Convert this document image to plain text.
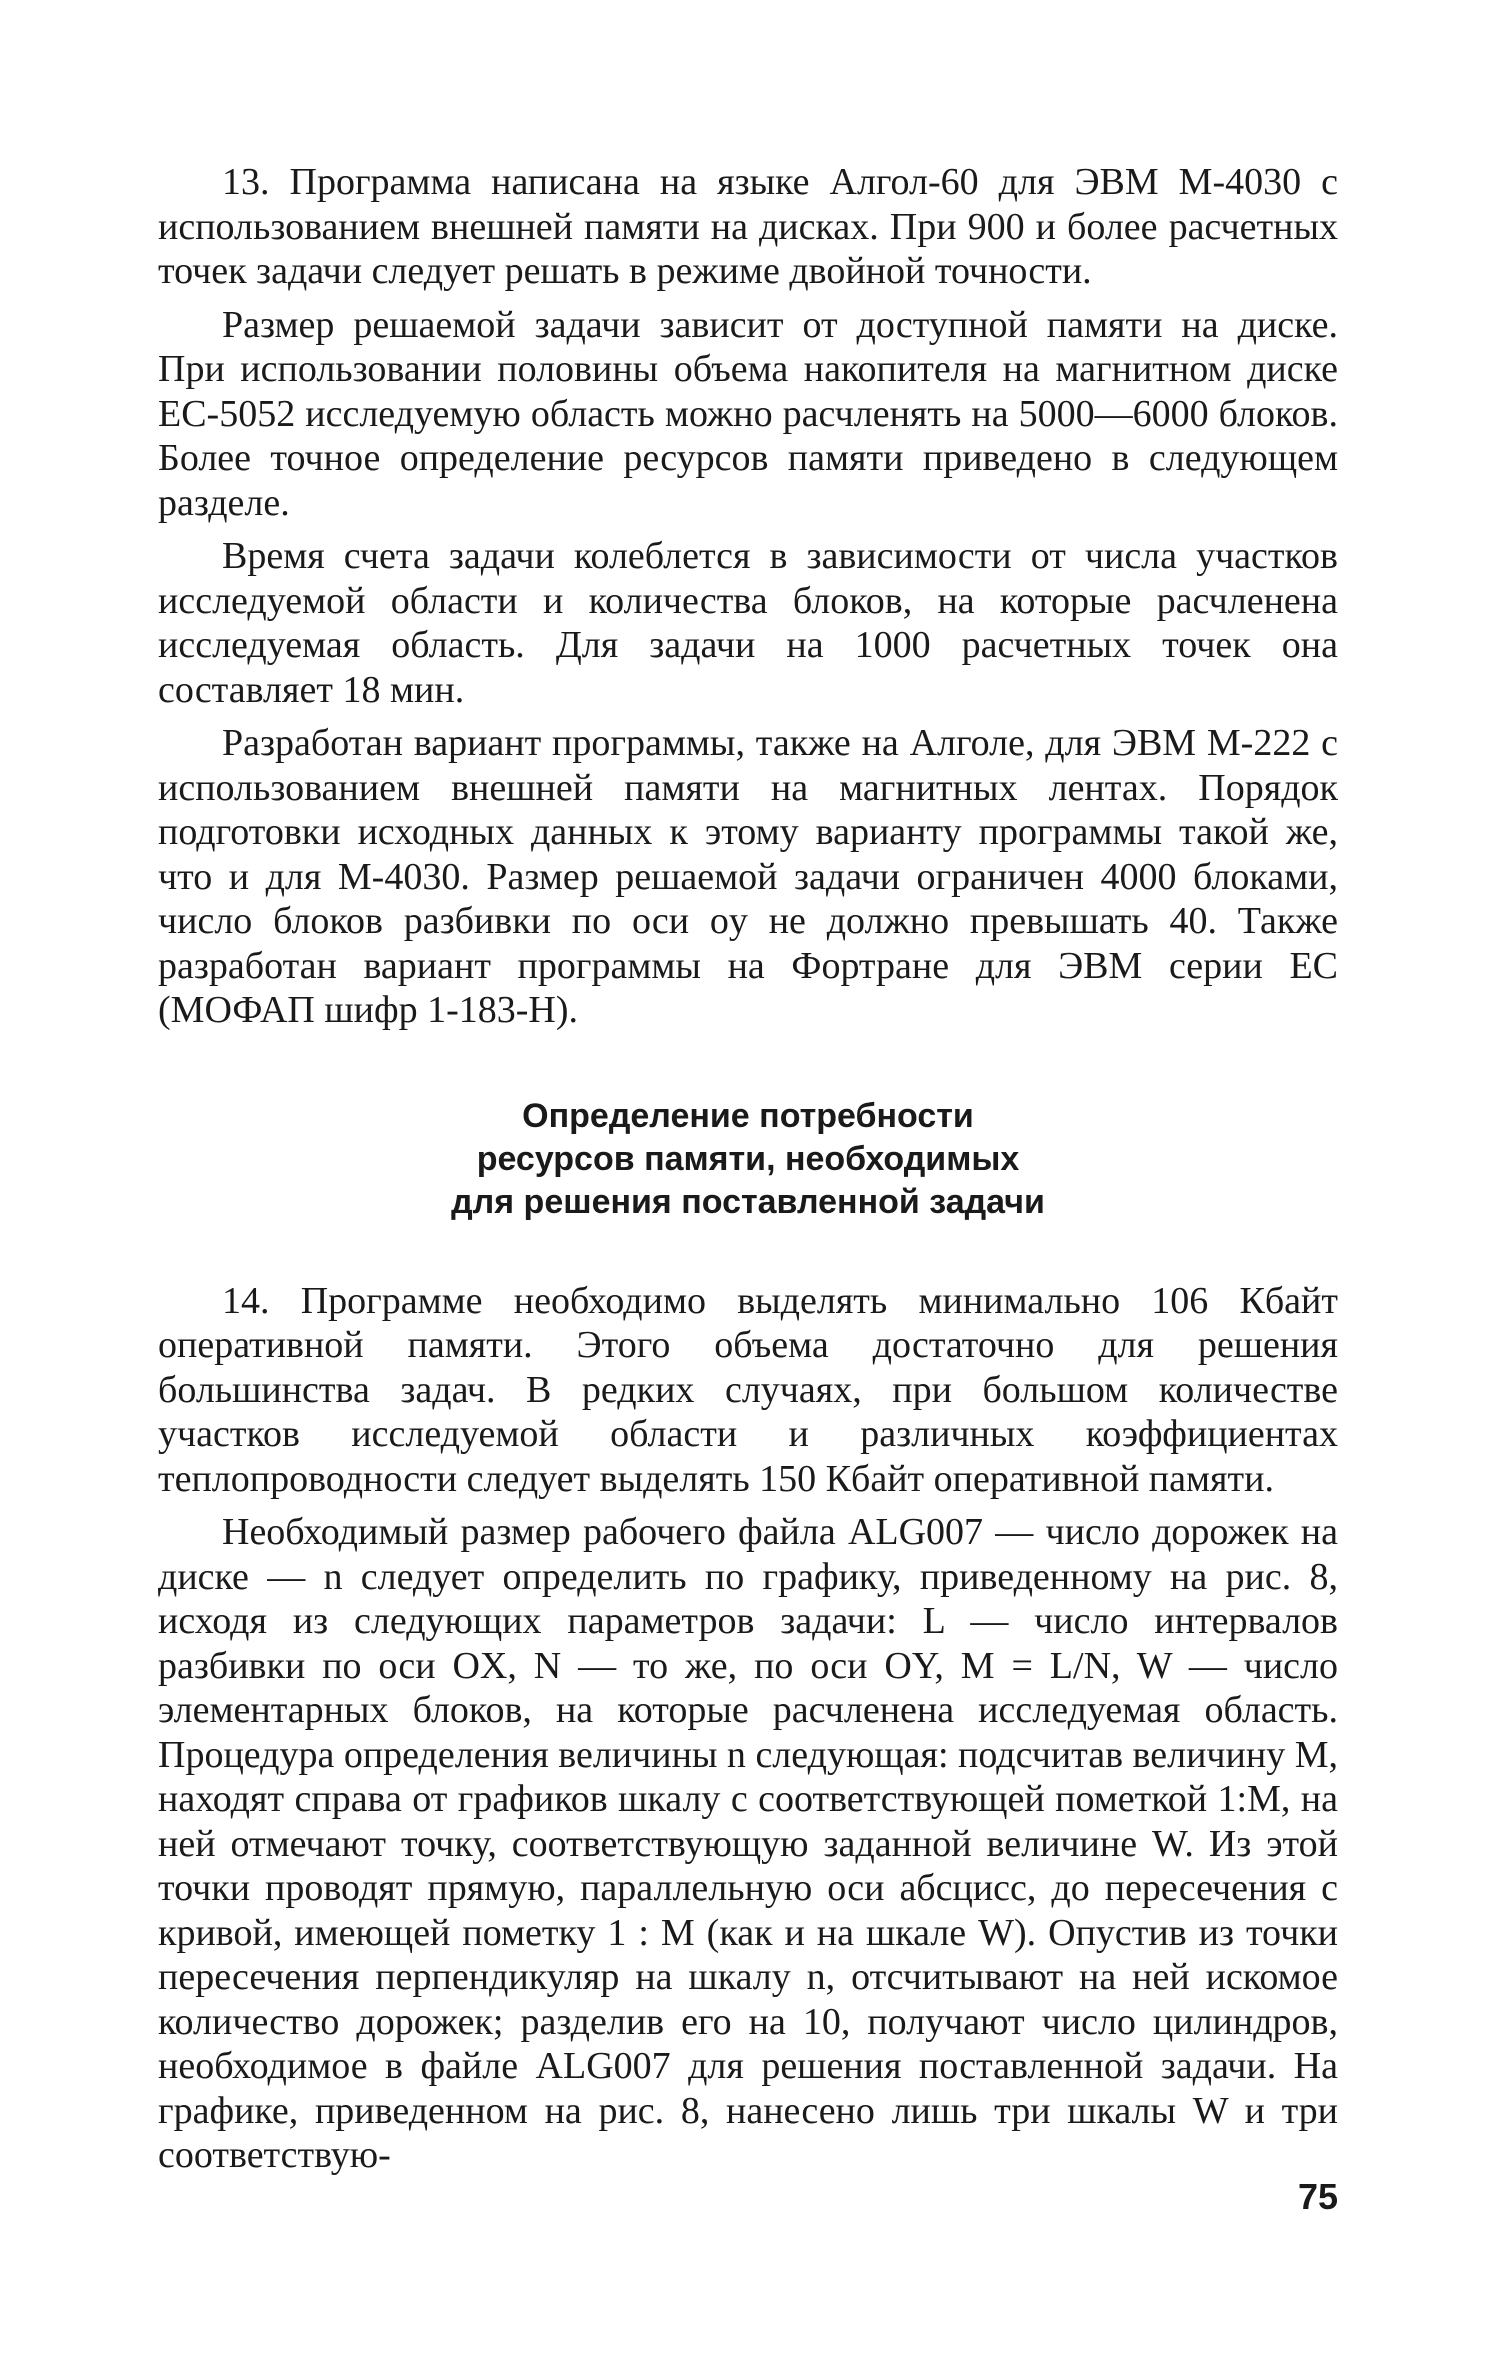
13. Программа написана на языке Алгол-60 для ЭВМ М-4030 с использованием внешней памяти на дисках. При 900 и более расчетных точек задачи следует решать в режиме двойной точности.

Размер решаемой задачи зависит от доступной памяти на диске. При использовании половины объема накопителя на магнитном диске ЕС-5052 исследуемую область можно расчленять на 5000—6000 блоков. Более точное определение ресурсов памяти приведено в следующем разделе.

Время счета задачи колеблется в зависимости от числа участков исследуемой области и количества блоков, на которые расчленена исследуемая область. Для задачи на 1000 расчетных точек она составляет 18 мин.

Разработан вариант программы, также на Алголе, для ЭВМ М-222 с использованием внешней памяти на магнитных лентах. Порядок подготовки исходных данных к этому варианту программы такой же, что и для М-4030. Размер решаемой задачи ограничен 4000 блоками, число блоков разбивки по оси oy не должно превышать 40. Также разработан вариант программы на Фортране для ЭВМ серии ЕС (МОФАП шифр 1-183-Н).

Определение потребности
ресурсов памяти, необходимых
для решения поставленной задачи

14. Программе необходимо выделять минимально 106 Кбайт оперативной памяти. Этого объема достаточно для решения большинства задач. В редких случаях, при большом количестве участков исследуемой области и различных коэффициентах теплопроводности следует выделять 150 Кбайт оперативной памяти.

Необходимый размер рабочего файла ALG007 — число дорожек на диске — n следует определить по графику, приведенному на рис. 8, исходя из следующих параметров задачи: L — число интервалов разбивки по оси OX, N — то же, по оси OY, M = L/N, W — число элементарных блоков, на которые расчленена исследуемая область. Процедура определения величины n следующая: подсчитав величину M, находят справа от графиков шкалу с соответствующей пометкой 1:M, на ней отмечают точку, соответствующую заданной величине W. Из этой точки проводят прямую, параллельную оси абсцисс, до пересечения с кривой, имеющей пометку 1 : M (как и на шкале W). Опустив из точки пересечения перпендикуляр на шкалу n, отсчитывают на ней искомое количество дорожек; разделив его на 10, получают число цилиндров, необходимое в файле ALG007 для решения поставленной задачи. На графике, приведенном на рис. 8, нанесено лишь три шкалы W и три соответствую-

75
